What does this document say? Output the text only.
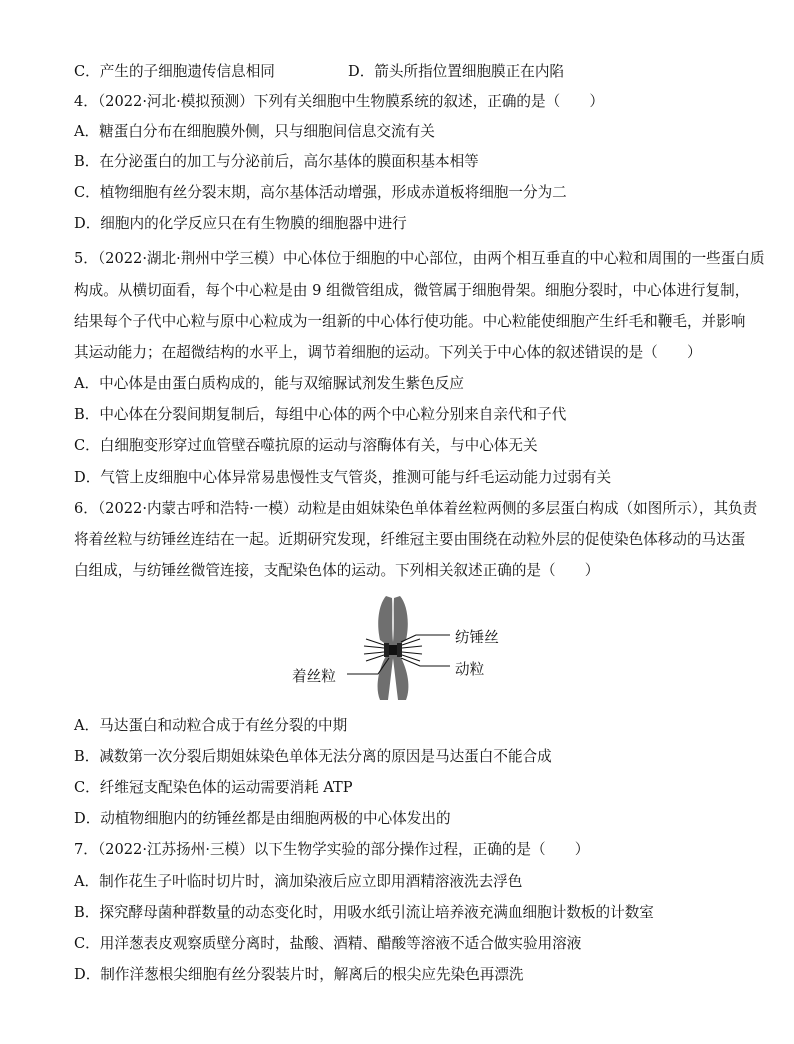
C．产生的子细胞遗传信息相同	D．箭头所指位置细胞膜正在内陷
4．（2022·河北·模拟预测）下列有关细胞中生物膜系统的叙述，正确的是（　　）
A．糖蛋白分布在细胞膜外侧，只与细胞间信息交流有关
B．在分泌蛋白的加工与分泌前后，高尔基体的膜面积基本相等
C．植物细胞有丝分裂末期，高尔基体活动增强，形成赤道板将细胞一分为二
D．细胞内的化学反应只在有生物膜的细胞器中进行
5．（2022·湖北·荆州中学三模）中心体位于细胞的中心部位，由两个相互垂直的中心粒和周围的一些蛋白质
构成。从横切面看，每个中心粒是由 9 组微管组成，微管属于细胞骨架。细胞分裂时，中心体进行复制，
结果每个子代中心粒与原中心粒成为一组新的中心体行使功能。中心粒能使细胞产生纤毛和鞭毛，并影响
其运动能力；在超微结构的水平上，调节着细胞的运动。下列关于中心体的叙述错误的是（　　）
A．中心体是由蛋白质构成的，能与双缩脲试剂发生紫色反应
B．中心体在分裂间期复制后，每组中心体的两个中心粒分别来自亲代和子代
C．白细胞变形穿过血管壁吞噬抗原的运动与溶酶体有关，与中心体无关
D．气管上皮细胞中心体异常易患慢性支气管炎，推测可能与纤毛运动能力过弱有关
6．（2022·内蒙古呼和浩特·一模）动粒是由姐妹染色单体着丝粒两侧的多层蛋白构成（如图所示），其负责
将着丝粒与纺锤丝连结在一起。近期研究发现，纤维冠主要由围绕在动粒外层的促使染色体移动的马达蛋
白组成，与纺锤丝微管连接，支配染色体的运动。下列相关叙述正确的是（　　）
纺锤丝
着丝粒	动粒
A．马达蛋白和动粒合成于有丝分裂的中期
B．减数第一次分裂后期姐妹染色单体无法分离的原因是马达蛋白不能合成
C．纤维冠支配染色体的运动需要消耗 ATP
D．动植物细胞内的纺锤丝都是由细胞两极的中心体发出的
7．（2022·江苏扬州·三模）以下生物学实验的部分操作过程，正确的是（　　）
A．制作花生子叶临时切片时，滴加染液后应立即用酒精溶液洗去浮色
B．探究酵母菌种群数量的动态变化时，用吸水纸引流让培养液充满血细胞计数板的计数室
C．用洋葱表皮观察质壁分离时，盐酸、酒精、醋酸等溶液不适合做实验用溶液
D．制作洋葱根尖细胞有丝分裂装片时，解离后的根尖应先染色再漂洗
